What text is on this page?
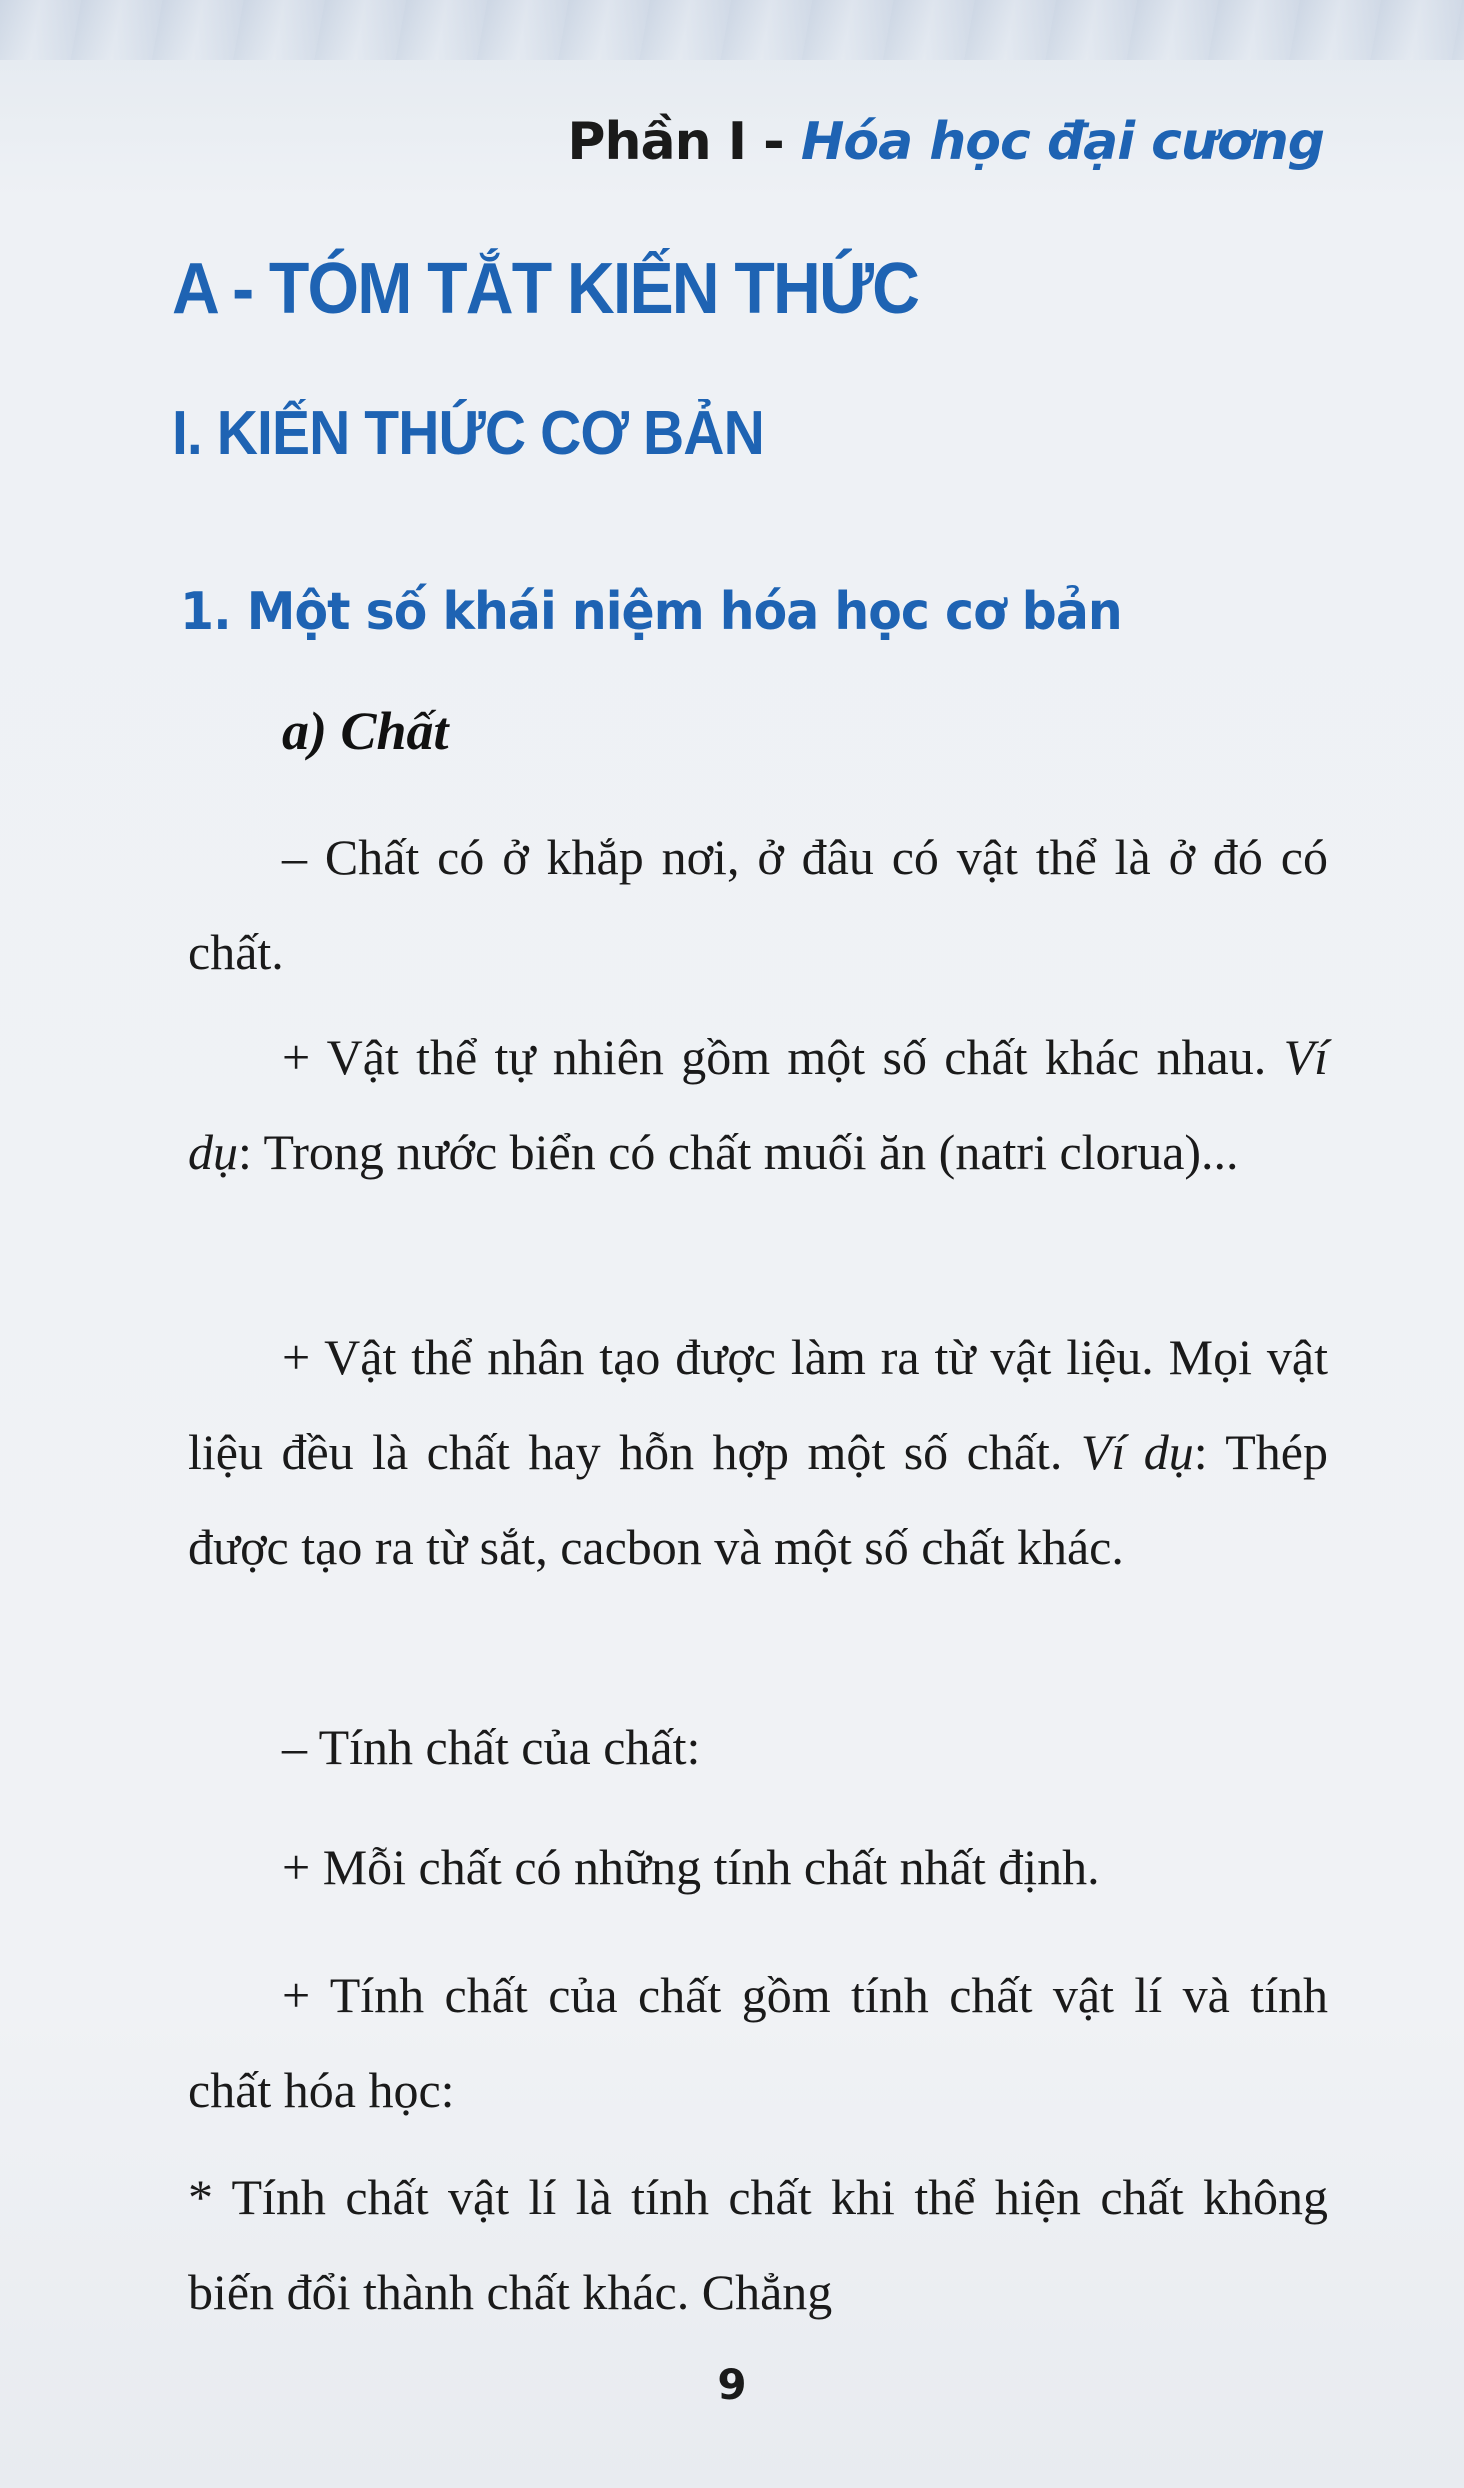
Phần I - Hóa học đại cương
A - TÓM TẮT KIẾN THỨC
I. KIẾN THỨC CƠ BẢN
1. Một số khái niệm hóa học cơ bản
a) Chất
– Chất có ở khắp nơi, ở đâu có vật thể là ở đó có chất.
+ Vật thể tự nhiên gồm một số chất khác nhau. Ví dụ: Trong nước biển có chất muối ăn (natri clorua)...
+ Vật thể nhân tạo được làm ra từ vật liệu. Mọi vật liệu đều là chất hay hỗn hợp một số chất. Ví dụ: Thép được tạo ra từ sắt, cacbon và một số chất khác.
– Tính chất của chất:
+ Mỗi chất có những tính chất nhất định.
+ Tính chất của chất gồm tính chất vật lí và tính chất hóa học:
* Tính chất vật lí là tính chất khi thể hiện chất không biến đổi thành chất khác. Chẳng
9
